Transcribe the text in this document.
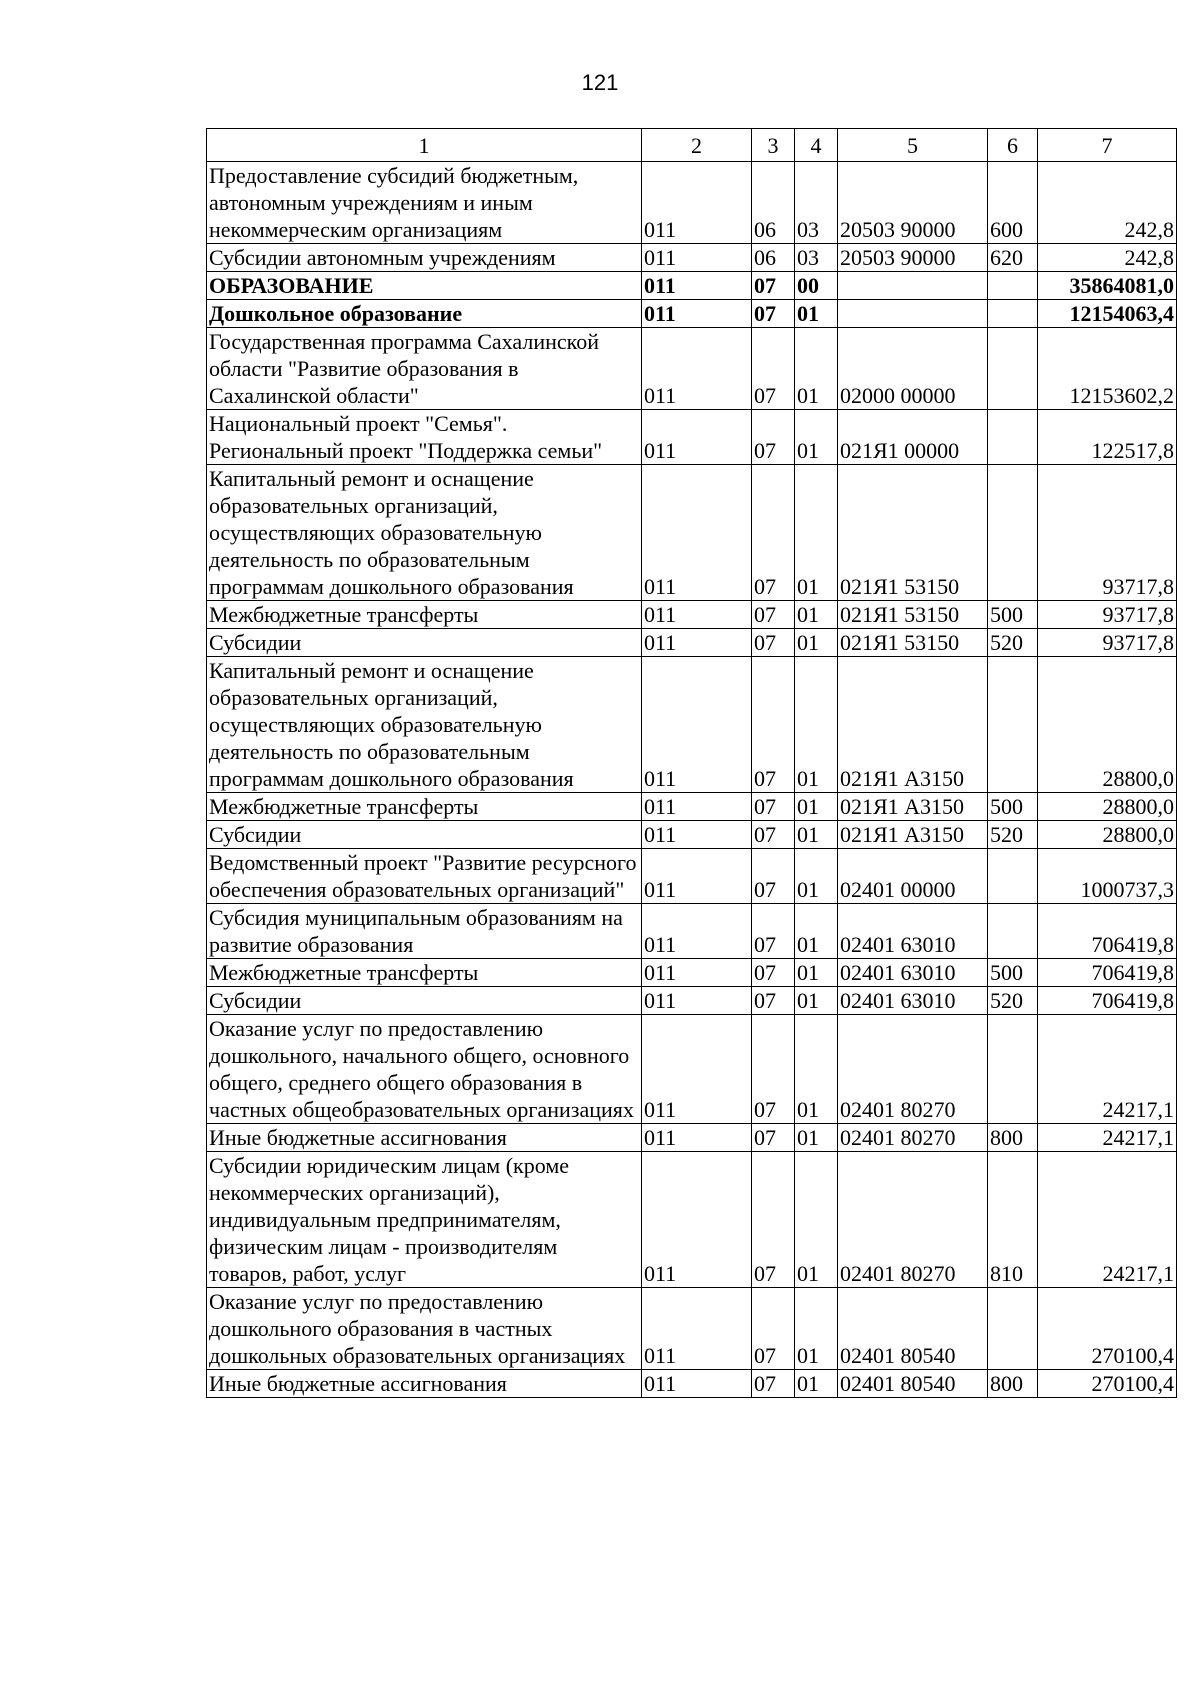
121
1	2	3	4	5	6	7
Предоставление субсидий бюджетным, автономным учреждениям и иным некоммерческим организациям	011	06	03	20503 90000	600	242,8
Субсидии автономным учреждениям	011	06	03	20503 90000	620	242,8
ОБРАЗОВАНИЕ	011	07	00			35864081,0
Дошкольное образование	011	07	01			12154063,4
Государственная программа Сахалинской области "Развитие образования в Сахалинской области"	011	07	01	02000 00000		12153602,2
Национальный проект "Семья". Региональный проект "Поддержка семьи"	011	07	01	021Я1 00000		122517,8
Капитальный ремонт и оснащение образовательных организаций, осуществляющих образовательную деятельность по образовательным программам дошкольного образования	011	07	01	021Я1 53150		93717,8
Межбюджетные трансферты	011	07	01	021Я1 53150	500	93717,8
Субсидии	011	07	01	021Я1 53150	520	93717,8
Капитальный ремонт и оснащение образовательных организаций, осуществляющих образовательную деятельность по образовательным программам дошкольного образования	011	07	01	021Я1 А3150		28800,0
Межбюджетные трансферты	011	07	01	021Я1 А3150	500	28800,0
Субсидии	011	07	01	021Я1 А3150	520	28800,0
Ведомственный проект "Развитие ресурсного обеспечения образовательных организаций"	011	07	01	02401 00000		1000737,3
Субсидия муниципальным образованиям на развитие образования	011	07	01	02401 63010		706419,8
Межбюджетные трансферты	011	07	01	02401 63010	500	706419,8
Субсидии	011	07	01	02401 63010	520	706419,8
Оказание услуг по предоставлению дошкольного, начального общего, основного общего, среднего общего образования в частных общеобразовательных организациях	011	07	01	02401 80270		24217,1
Иные бюджетные ассигнования	011	07	01	02401 80270	800	24217,1
Субсидии юридическим лицам (кроме некоммерческих организаций), индивидуальным предпринимателям, физическим лицам - производителям товаров, работ, услуг	011	07	01	02401 80270	810	24217,1
Оказание услуг по предоставлению дошкольного образования в частных дошкольных образовательных организациях	011	07	01	02401 80540		270100,4
Иные бюджетные ассигнования	011	07	01	02401 80540	800	270100,4
